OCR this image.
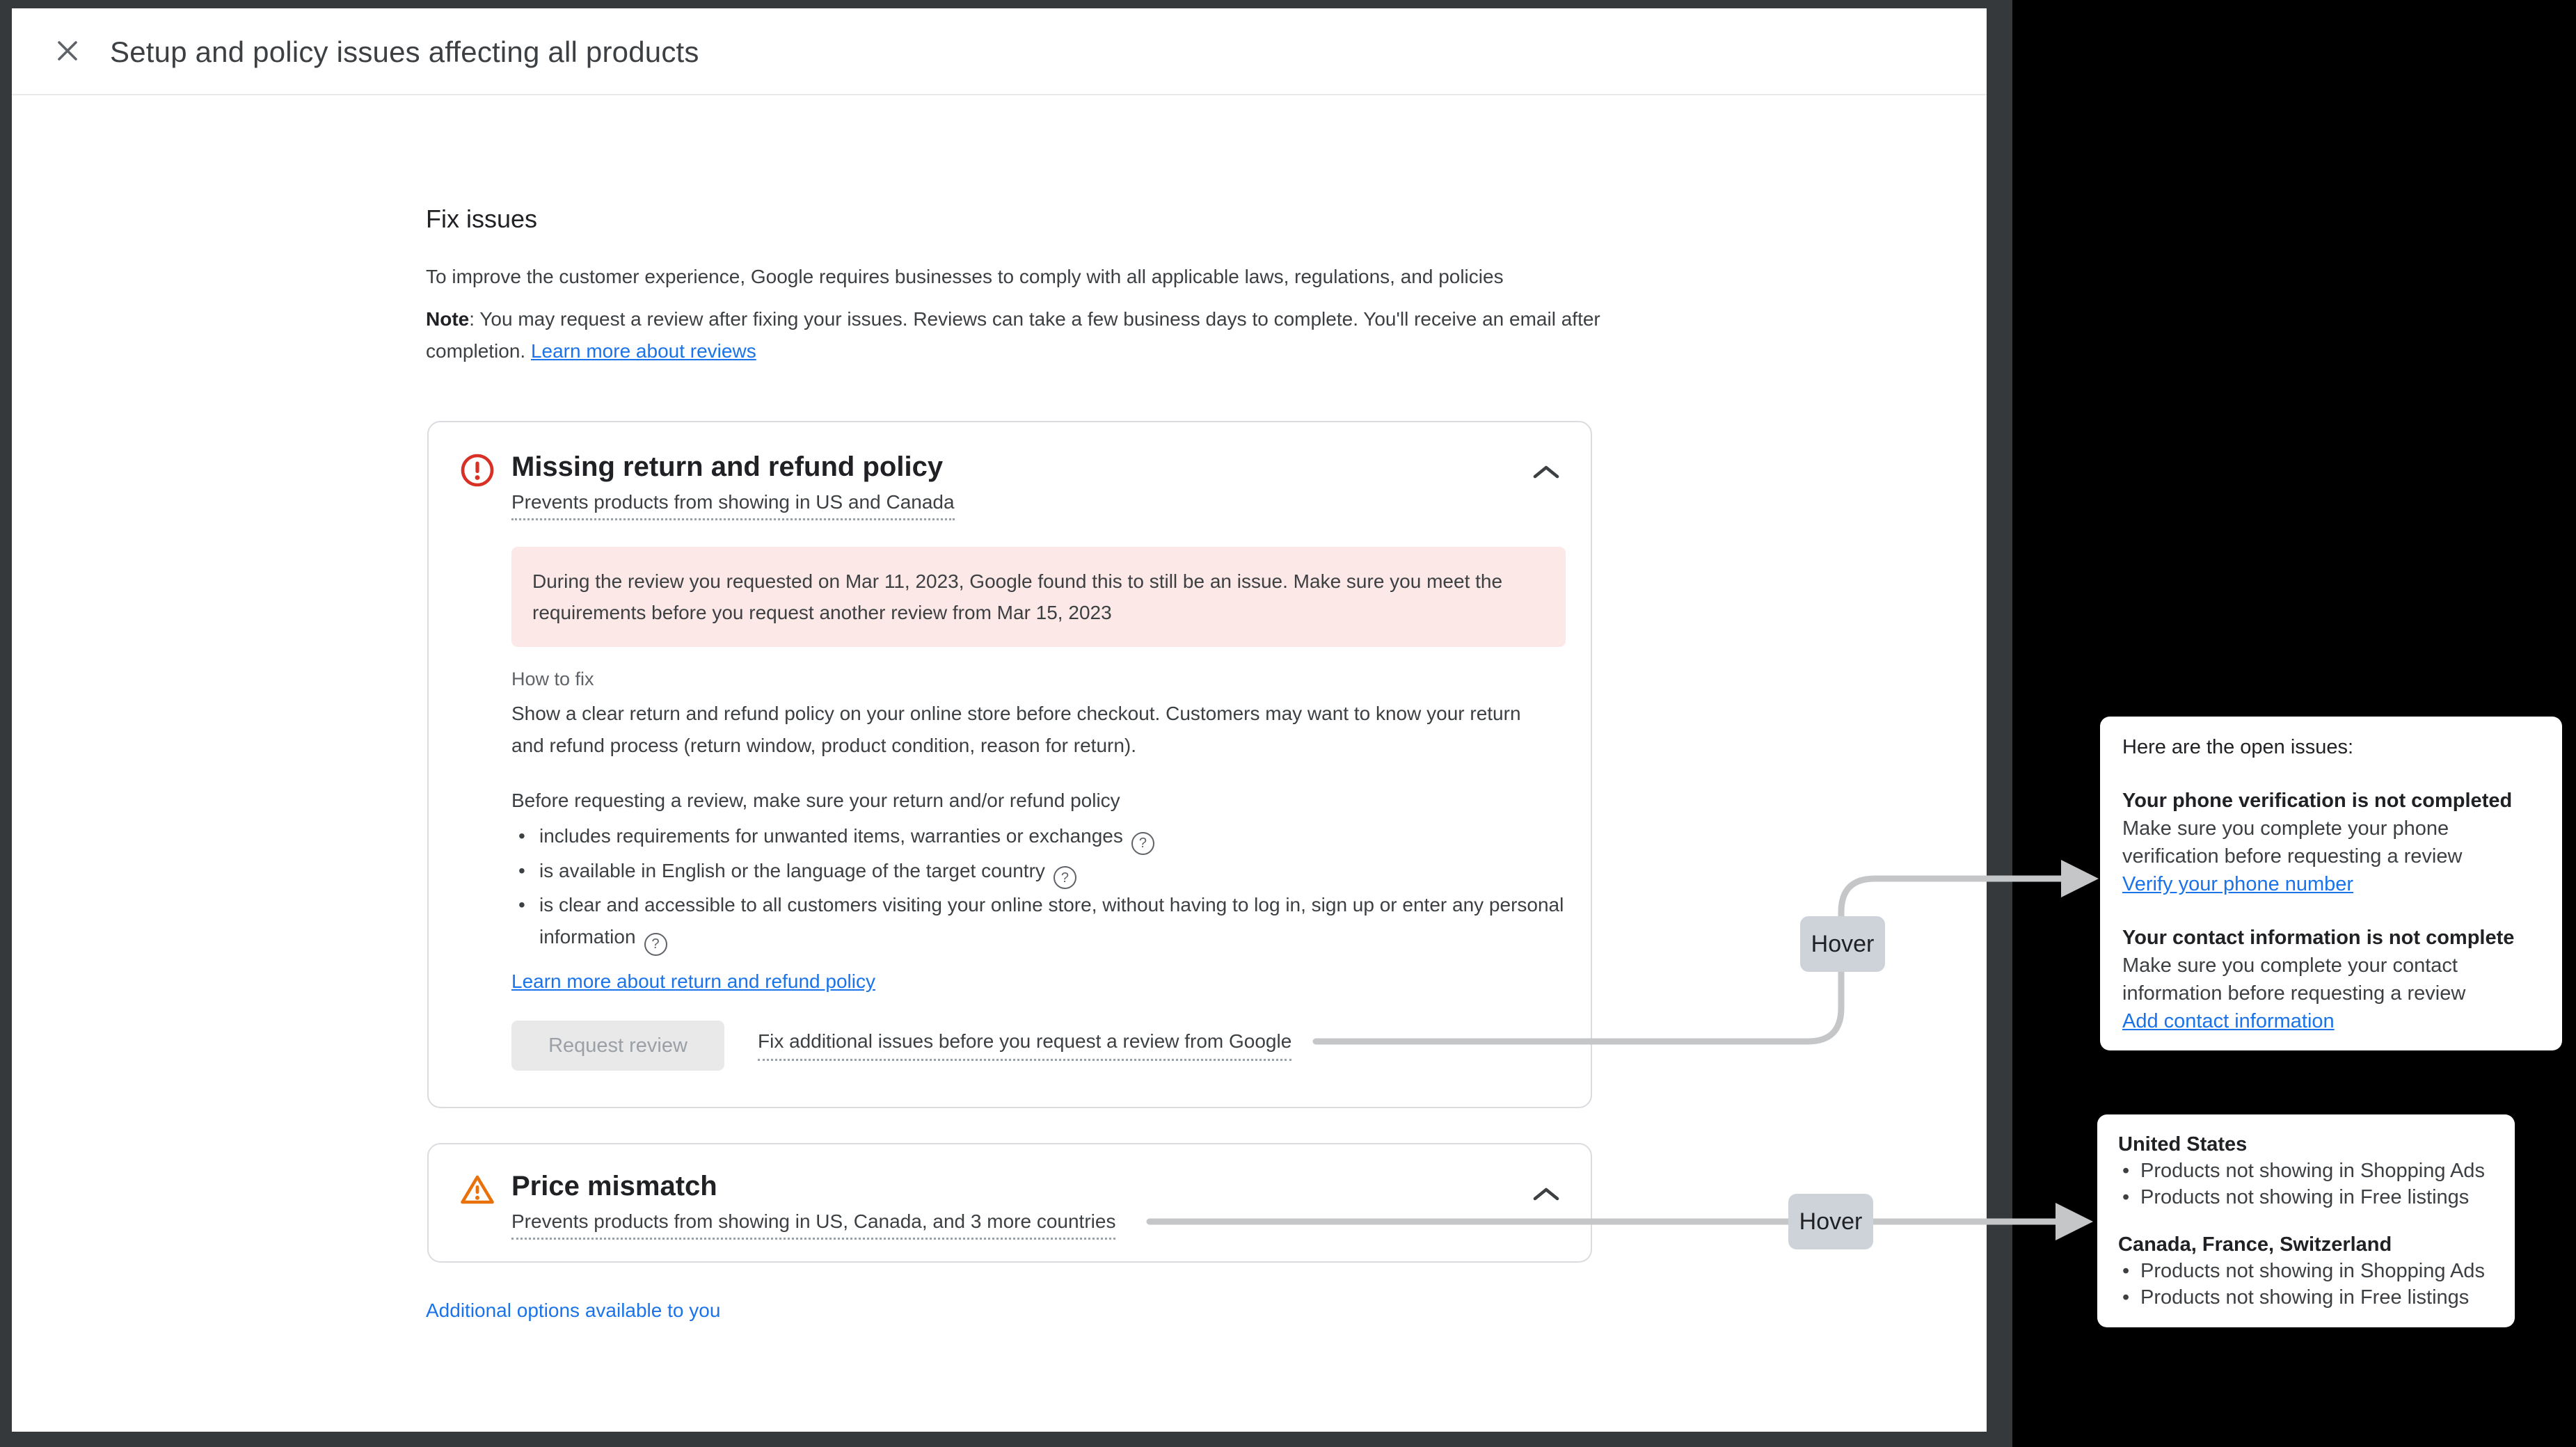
Setup and policy issues affecting all products
Fix issues

To improve the customer experience, Google requires businesses to comply with all applicable laws, regulations, and policies

Note: You may request a review after fixing your issues. Reviews can take a few business days to complete. You'll receive an email after completion. Learn more about reviews

Missing return and refund policy
Prevents products from showing in US and Canada
During the review you requested on Mar 11, 2023, Google found this to still be an issue. Make sure you meet the requirements before you request another review from Mar 15, 2023
How to fix

Show a clear return and refund policy on your online store before checkout. Customers may want to know your return and refund process (return window, product condition, reason for return).

Before requesting a review, make sure your return and/or refund policy

• includes requirements for unwanted items, warranties or exchanges ?
• is available in English or the language of the target country ?
• is clear and accessible to all customers visiting your online store, without having to log in, sign up or enter any personal information ?
Learn more about return and refund policy
Request review	Fix additional issues before you request a review from Google
Price mismatch
Prevents products from showing in US, Canada, and 3 more countries
Additional options available to you
Hover
Hover
Here are the open issues:
Your phone verification is not completed

Make sure you complete your phone verification before requesting a review

Verify your phone number
Your contact information is not complete

Make sure you complete your contact information before requesting a review

Add contact information
United States
• Products not showing in Shopping Ads
• Products not showing in Free listings
Canada, France, Switzerland
• Products not showing in Shopping Ads
• Products not showing in Free listings
